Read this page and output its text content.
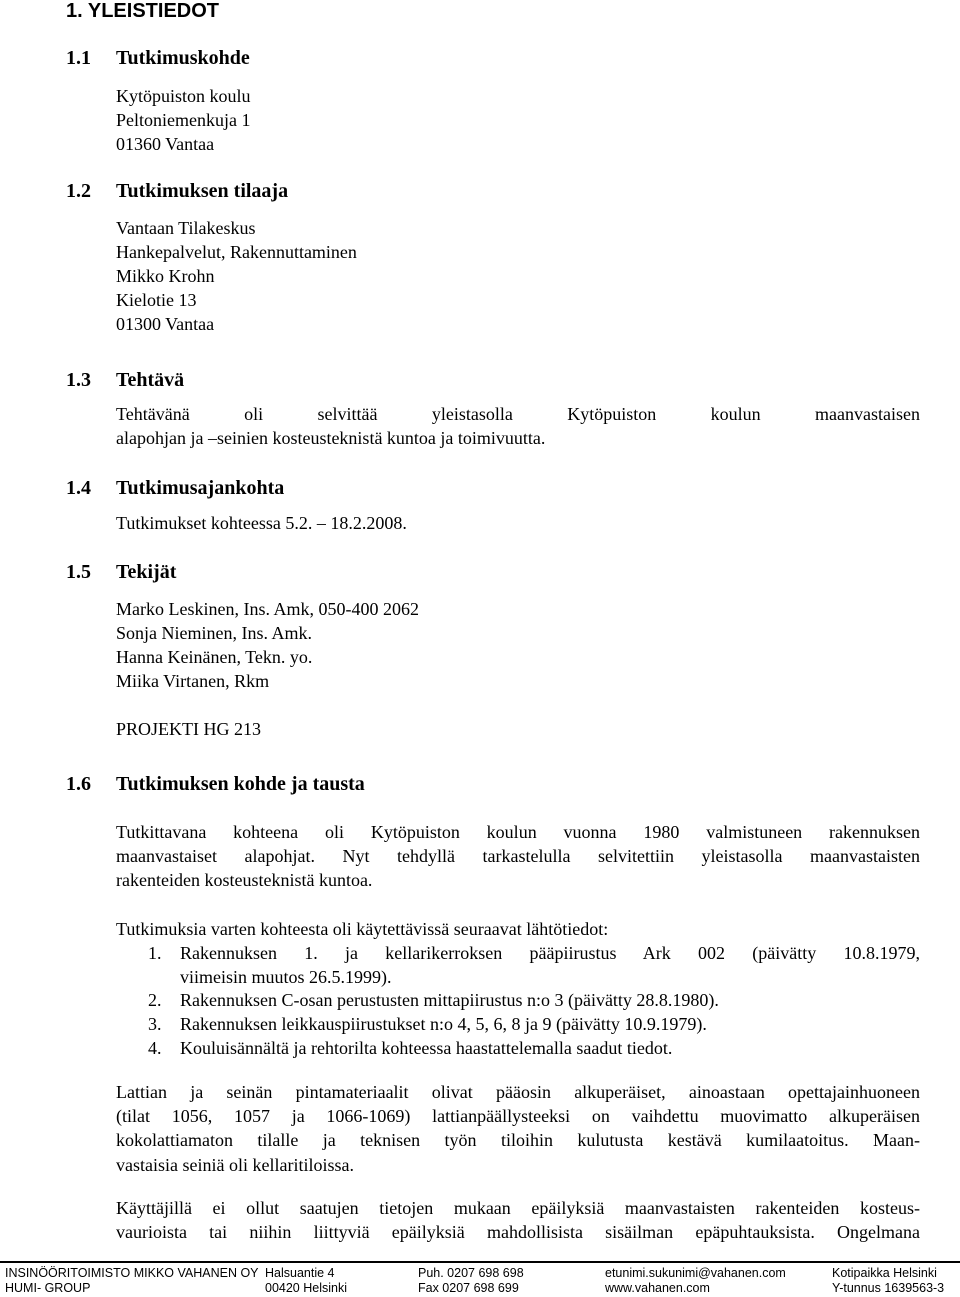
1. YLEISTIEDOT
1.1 Tutkimuskohde
Kytöpuiston koulu
Peltoniemenkuja 1
01360 Vantaa
1.2 Tutkimuksen tilaaja
Vantaan Tilakeskus
Hankepalvelut, Rakennuttaminen
Mikko Krohn
Kielotie 13
01300 Vantaa
1.3 Tehtävä
Tehtävänä oli selvittää yleistasolla Kytöpuiston koulun maanvastaisen
alapohjan ja –seinien kosteusteknistä kuntoa ja toimivuutta.
1.4 Tutkimusajankohta
Tutkimukset kohteessa 5.2. – 18.2.2008.
1.5 Tekijät
Marko Leskinen, Ins. Amk, 050-400 2062
Sonja Nieminen, Ins. Amk.
Hanna Keinänen, Tekn. yo.
Miika Virtanen, Rkm
PROJEKTI HG 213
1.6 Tutkimuksen kohde ja tausta
Tutkittavana kohteena oli Kytöpuiston koulun vuonna 1980 valmistuneen rakennuksen
maanvastaiset alapohjat. Nyt tehdyllä tarkastelulla selvitettiin yleistasolla maanvastaisten
rakenteiden kosteusteknistä kuntoa.
Tutkimuksia varten kohteesta oli käytettävissä seuraavat lähtötiedot:
1.	Rakennuksen 1. ja kellarikerroksen pääpiirustus Ark 002 (päivätty 10.8.1979,
viimeisin muutos 26.5.1999).
2. Rakennuksen C-osan perustusten mittapiirustus n:o 3 (päivätty 28.8.1980).
3. Rakennuksen leikkauspiirustukset n:o 4, 5, 6, 8 ja 9 (päivätty 10.9.1979).
4. Kouluisännältä ja rehtorilta kohteessa haastattelemalla saadut tiedot.
Lattian ja seinän pintamateriaalit olivat pääosin alkuperäiset, ainoastaan opettajainhuoneen
(tilat 1056, 1057 ja 1066-1069) lattianpäällysteeksi on vaihdettu muovimatto alkuperäisen
kokolattiamaton tilalle ja teknisen työn tiloihin kulutusta kestävä kumilaatoitus. Maan-
vastaisia seiniä oli kellaritiloissa.
Käyttäjillä ei ollut saatujen tietojen mukaan epäilyksiä maanvastaisten rakenteiden kosteus-
vaurioista tai niihin liittyviä epäilyksiä mahdollisista sisäilman epäpuhtauksista. Ongelmana
INSINÖÖRITOIMISTO MIKKO VAHANEN OY
HUMI- GROUP
Halsuantie 4
00420 Helsinki
Puh. 0207 698 698
Fax 0207 698 699
etunimi.sukunimi@vahanen.com
www.vahanen.com
Kotipaikka Helsinki
Y-tunnus 1639563-3
